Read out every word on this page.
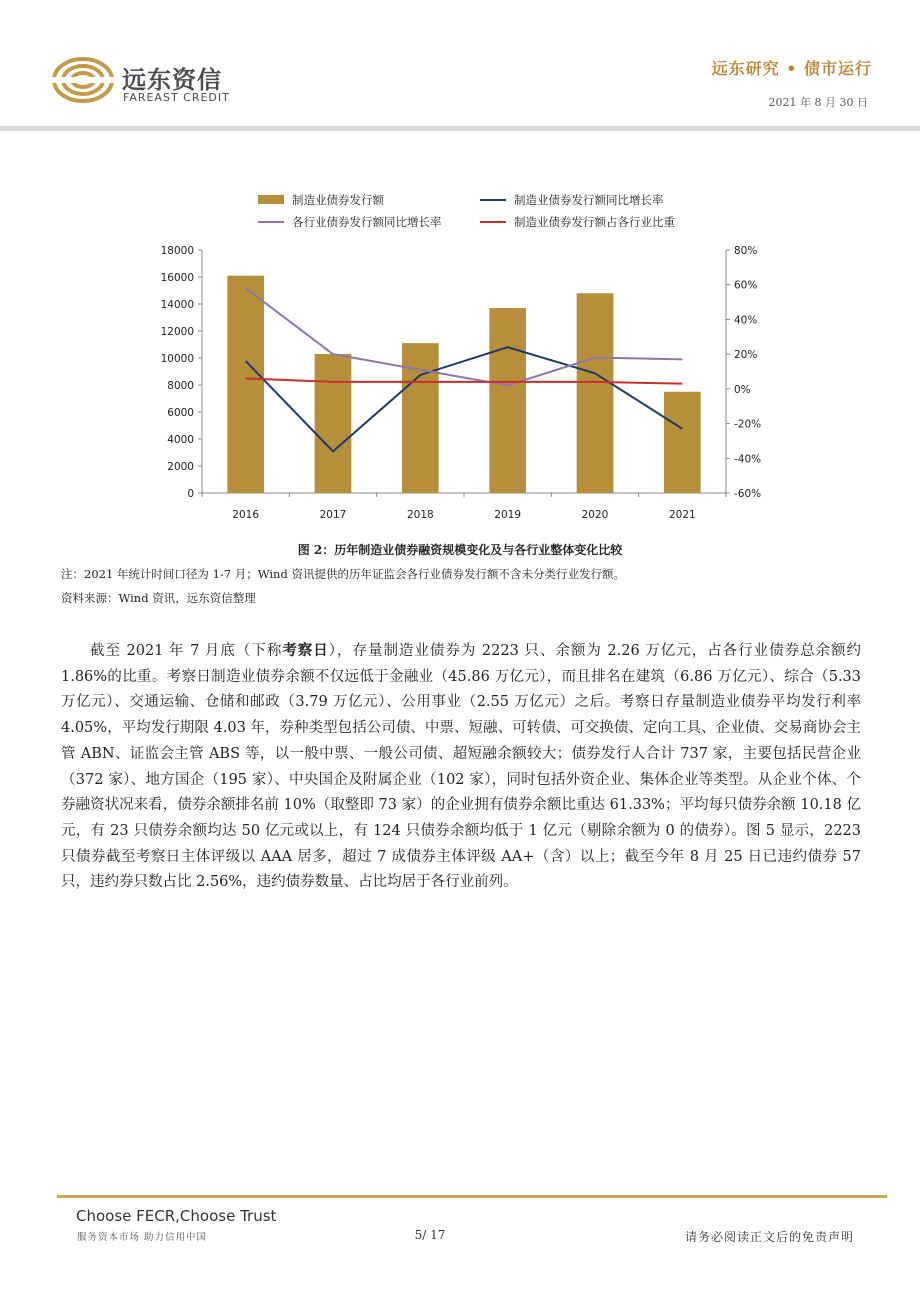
远东资信
FAREAST CREDIT
远东研究 • 债市运行
2021 年 8 月 30 日
制造业债券发行额	制造业债券发行额同比增长率
各行业债券发行额同比增长率	制造业债券发行额占各行业比重
0
2000
4000
6000
8000
10000
12000
14000
16000
18000
-60%
-40%
-20%
0%
20%
40%
60%
80%
2016	2017	2018	2019	2020	2021
图 2：历年制造业债券融资规模变化及与各行业整体变化比较
注：2021 年统计时间口径为 1-7 月；Wind 资讯提供的历年证监会各行业债券发行额不含未分类行业发行额。
资料来源：Wind 资讯，远东资信整理

截至 2021 年 7 月底（下称考察日），存量制造业债券为 2223 只、余额为 2.26 万亿元，占各行业债券总余额约 1.86%的比重。考察日制造业债券余额不仅远低于金融业（45.86 万亿元），而且排名在建筑（6.86 万亿元）、综合（5.33 万亿元）、交通运输、仓储和邮政（3.79 万亿元）、公用事业（2.55 万亿元）之后。考察日存量制造业债券平均发行利率 4.05%，平均发行期限 4.03 年，券种类型包括公司债、中票、短融、可转债、可交换债、定向工具、企业债、交易商协会主管 ABN、证监会主管 ABS 等，以一般中票、一般公司债、超短融余额较大；债券发行人合计 737 家，主要包括民营企业（372 家）、地方国企（195 家）、中央国企及附属企业（102 家），同时包括外资企业、集体企业等类型。从企业个体、个券融资状况来看，债券余额排名前 10%（取整即 73 家）的企业拥有债券余额比重达 61.33%；平均每只债券余额 10.18 亿元，有 23 只债券余额均达 50 亿元或以上，有 124 只债券余额均低于 1 亿元（剔除余额为 0 的债券）。图 5 显示，2223 只债券截至考察日主体评级以 AAA 居多，超过 7 成债券主体评级 AA+（含）以上；截至今年 8 月 25 日已违约债券 57 只，违约券只数占比 2.56%，违约债券数量、占比均居于各行业前列。

Choose FECR,Choose Trust
服务资本市场 助力信用中国	5/ 17	请务必阅读正文后的免责声明
